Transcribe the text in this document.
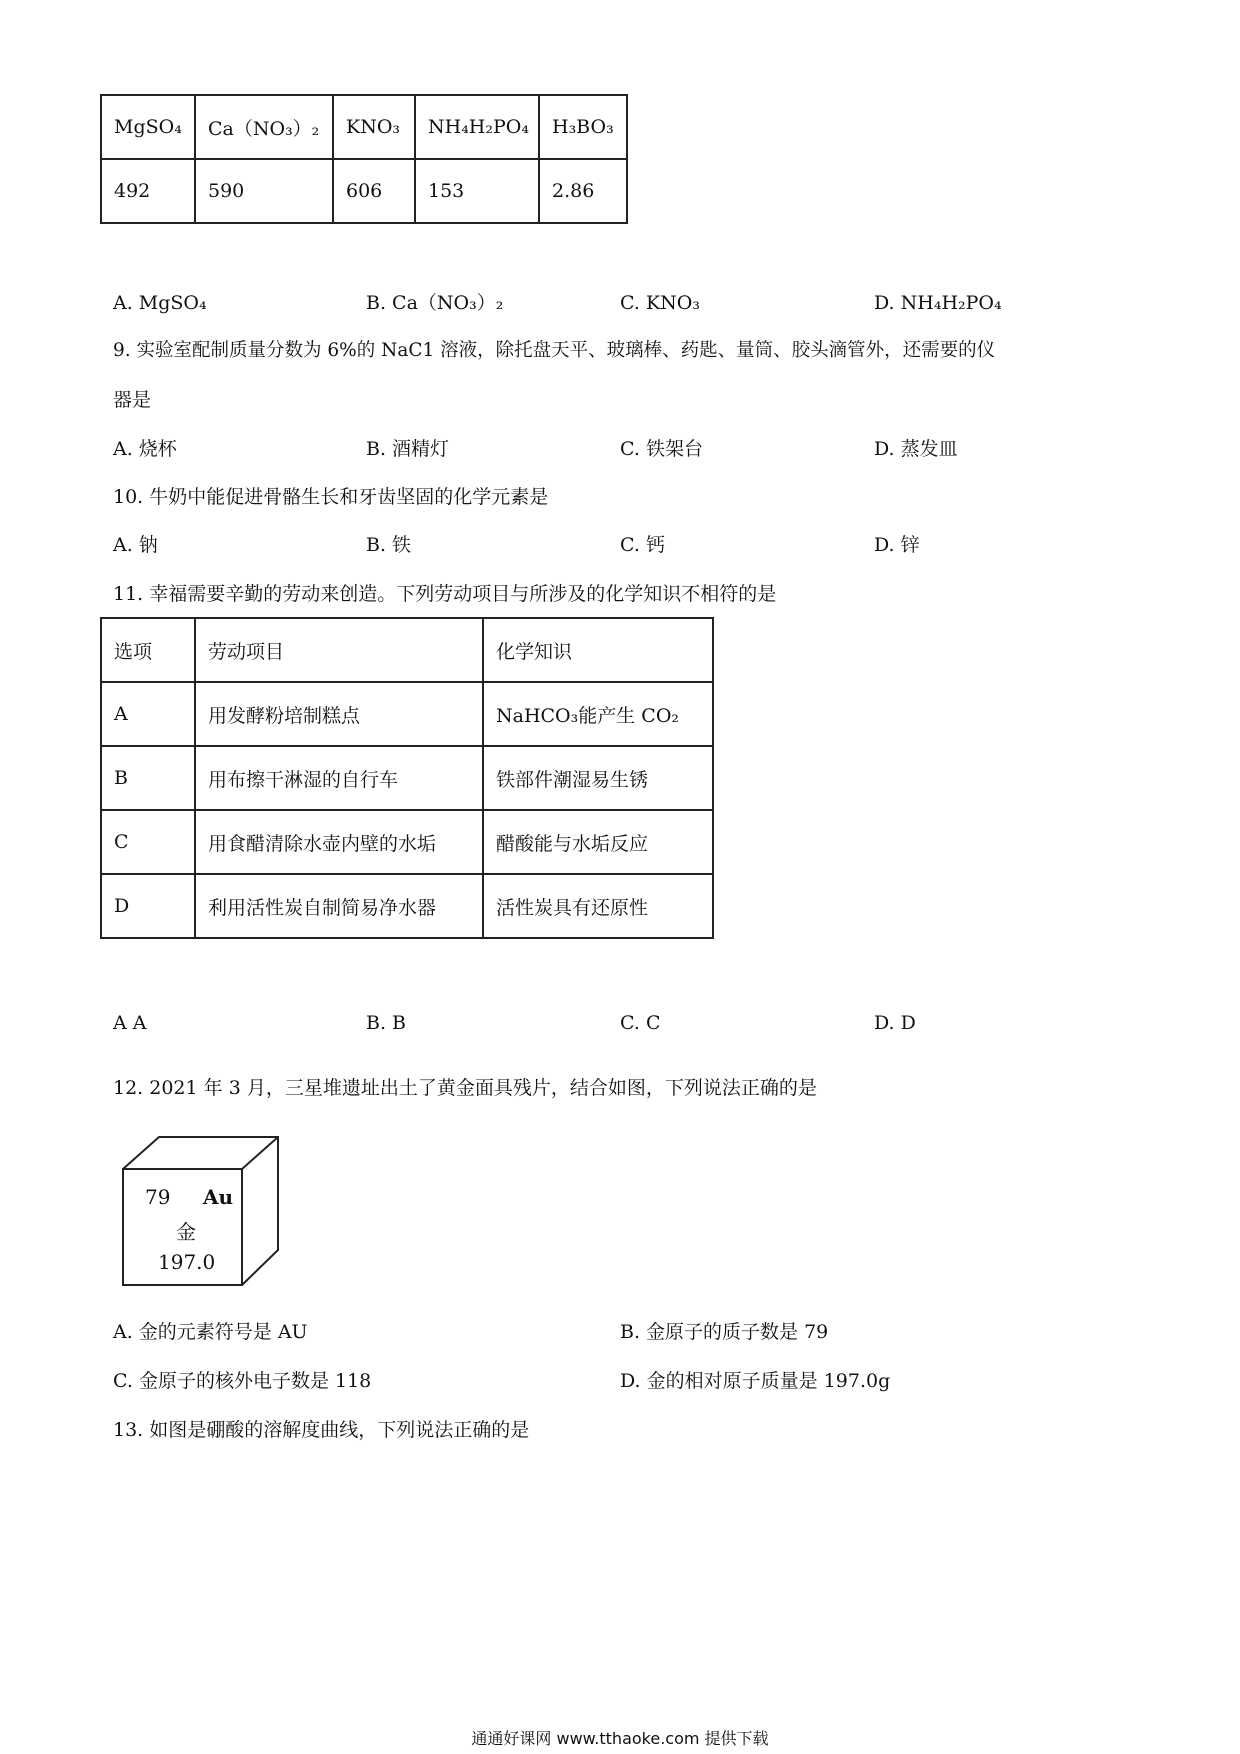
MgSO₄	Ca（NO₃）₂	KNO₃	NH₄H₂PO₄	H₃BO₃
492	590	606	153	2.86
A. MgSO₄	B. Ca（NO₃）₂	C. KNO₃	D. NH₄H₂PO₄
9. 实验室配制质量分数为 6%的 NaC1 溶液，除托盘天平、玻璃棒、药匙、量筒、胶头滴管外，还需要的仪
器是
A. 烧杯	B. 酒精灯	C. 铁架台	D. 蒸发皿
10. 牛奶中能促进骨骼生长和牙齿坚固的化学元素是
A. 钠	B. 铁	C. 钙	D. 锌
11. 幸福需要辛勤的劳动来创造。下列劳动项目与所涉及的化学知识不相符的是
选项	劳动项目	化学知识
A	用发酵粉培制糕点	NaHCO₃能产生 CO₂
B	用布擦干淋湿的自行车	铁部件潮湿易生锈
C	用食醋清除水壶内壁的水垢	醋酸能与水垢反应
D	利用活性炭自制简易净水器	活性炭具有还原性
A A	B. B	C. C	D. D
12. 2021 年 3 月，三星堆遗址出土了黄金面具残片，结合如图，下列说法正确的是
79 Au
金
197.0
A. 金的元素符号是 AU	B. 金原子的质子数是 79
C. 金原子的核外电子数是 118	D. 金的相对原子质量是 197.0g
13. 如图是硼酸的溶解度曲线，下列说法正确的是
通通好课网 www.tthaoke.com 提供下载
